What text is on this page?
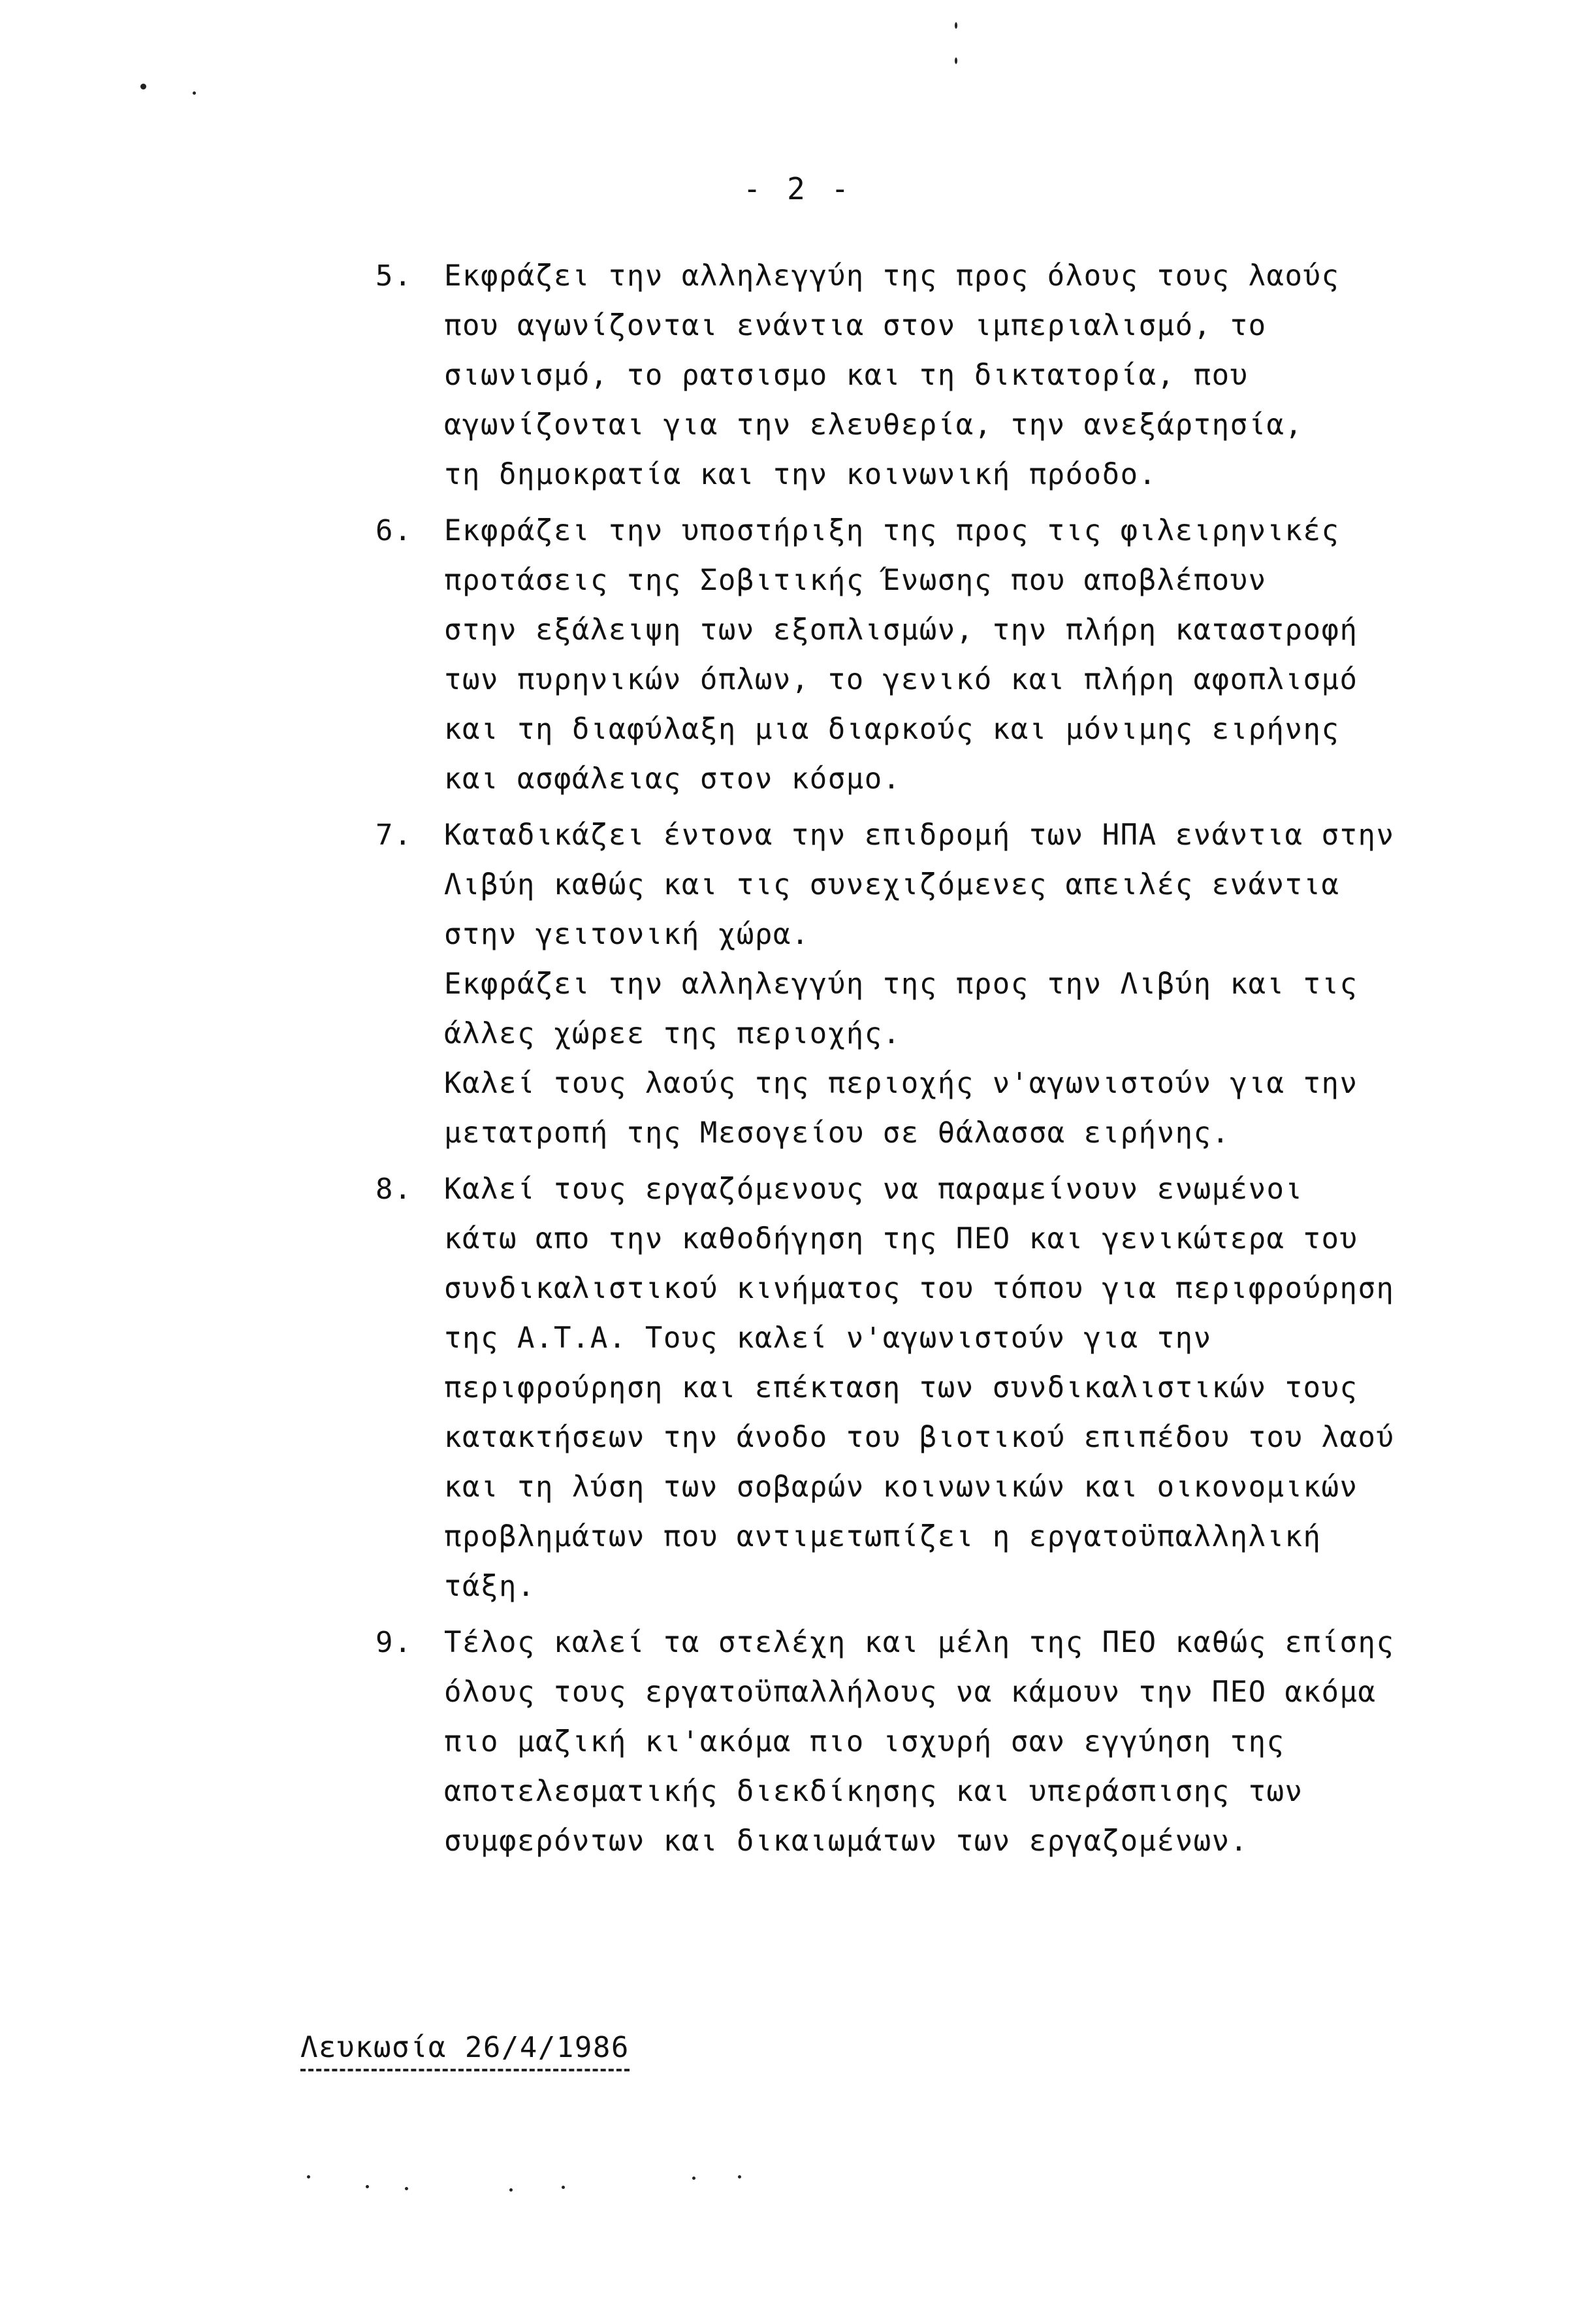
- 2 -
5. Εκφράζει την αλληλεγγύη της προς όλους τους λαούς
που αγωνίζονται ενάντια στον ιμπεριαλισμό, το
σιωνισμό, το ρατσισμο και τη δικτατορία, που
αγωνίζονται για την ελευθερία, την ανεξάρτησία,
τη δημοκρατία και την κοινωνική πρόοδο.
6. Εκφράζει την υποστήριξη της προς τις φιλειρηνικές
προτάσεις της Σοβιτικής Ένωσης που αποβλέπουν
στην εξάλειψη των εξοπλισμών, την πλήρη καταστροφή
των πυρηνικών όπλων, το γενικό και πλήρη αφοπλισμό
και τη διαφύλαξη μια διαρκούς και μόνιμης ειρήνης
και ασφάλειας στον κόσμο.
7. Καταδικάζει έντονα την επιδρομή των ΗΠΑ ενάντια στην
Λιβύη καθώς και τις συνεχιζόμενες απειλές ενάντια
στην γειτονική χώρα.
Εκφράζει την αλληλεγγύη της προς την Λιβύη και τις
άλλες χώρεε της περιοχής.
Καλεί τους λαούς της περιοχής ν'αγωνιστούν για την
μετατροπή της Μεσογείου σε θάλασσα ειρήνης.
8. Καλεί τους εργαζόμενους να παραμείνουν ενωμένοι
κάτω απο την καθοδήγηση της ΠΕΟ και γενικώτερα του
συνδικαλιστικού κινήματος του τόπου για περιφρούρηση
της Α.Τ.Α. Τους καλεί ν'αγωνιστούν για την
περιφρούρηση και επέκταση των συνδικαλιστικών τους
κατακτήσεων την άνοδο του βιοτικού επιπέδου του λαού
και τη λύση των σοβαρών κοινωνικών και οικονομικών
προβλημάτων που αντιμετωπίζει η εργατοϋπαλληλική
τάξη.
9. Τέλος καλεί τα στελέχη και μέλη της ΠΕΟ καθώς επίσης
όλους τους εργατοϋπαλλήλους να κάμουν την ΠΕΟ ακόμα
πιο μαζική κι'ακόμα πιο ισχυρή σαν εγγύηση της
αποτελεσματικής διεκδίκησης και υπεράσπισης των
συμφερόντων και δικαιωμάτων των εργαζομένων.
Λευκωσία 26/4/1986
